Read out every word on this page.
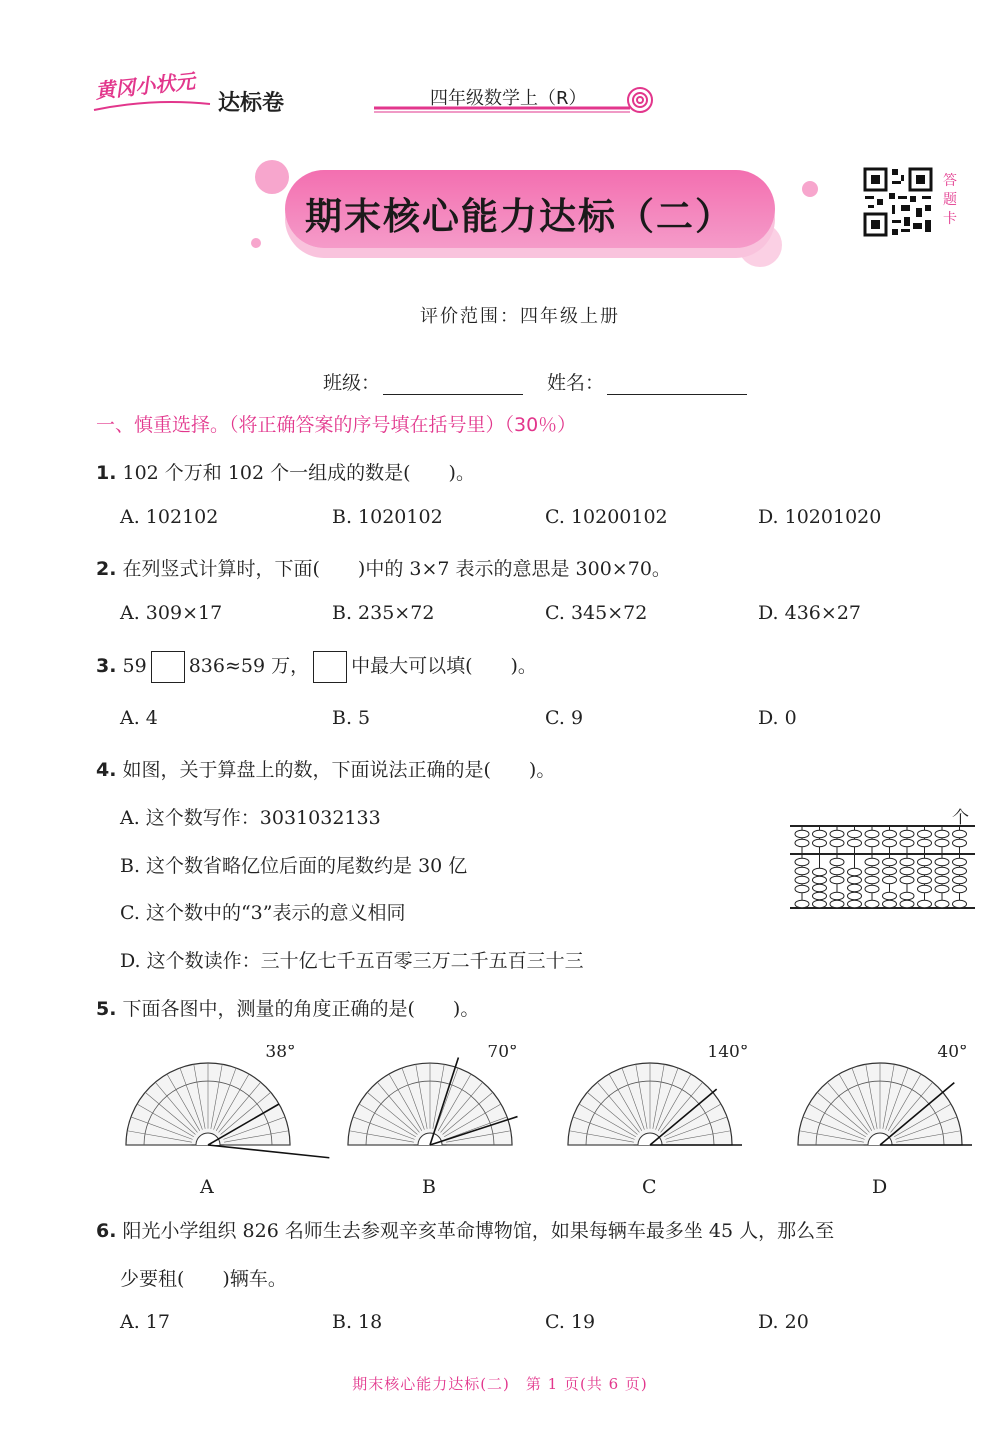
黄冈小状元
达标卷	四年级数学上（R）
期末核心能力达标（二）
答题卡
评价范围：四年级上册
班级：	姓名：
一、慎重选择。（将正确答案的序号填在括号里）（30％）
1. 102 个万和 102 个一组成的数是(　　)。
A. 102102	B. 1020102	C. 10200102	D. 10201020
2. 在列竖式计算时，下面(　　)中的 3×7 表示的意思是 300×70。
A. 309×17	B. 235×72	C. 345×72	D. 436×27
3. 59 836≈59 万， 中最大可以填(　　)。
A. 4	B. 5	C. 9	D. 0
4. 如图，关于算盘上的数，下面说法正确的是(　　)。
A. 这个数写作：3031032133
B. 这个数省略亿位后面的尾数约是 30 亿
C. 这个数中的“3”表示的意义相同
D. 这个数读作：三十亿七千五百零三万二千五百三十三
个
5. 下面各图中，测量的角度正确的是(　　)。
38°
A
70°
B
140°
C
40°
D
6. 阳光小学组织 826 名师生去参观辛亥革命博物馆，如果每辆车最多坐 45 人，那么至
少要租(　　)辆车。
A. 17	B. 18	C. 19	D. 20
期末核心能力达标(二)　第 1 页(共 6 页)
